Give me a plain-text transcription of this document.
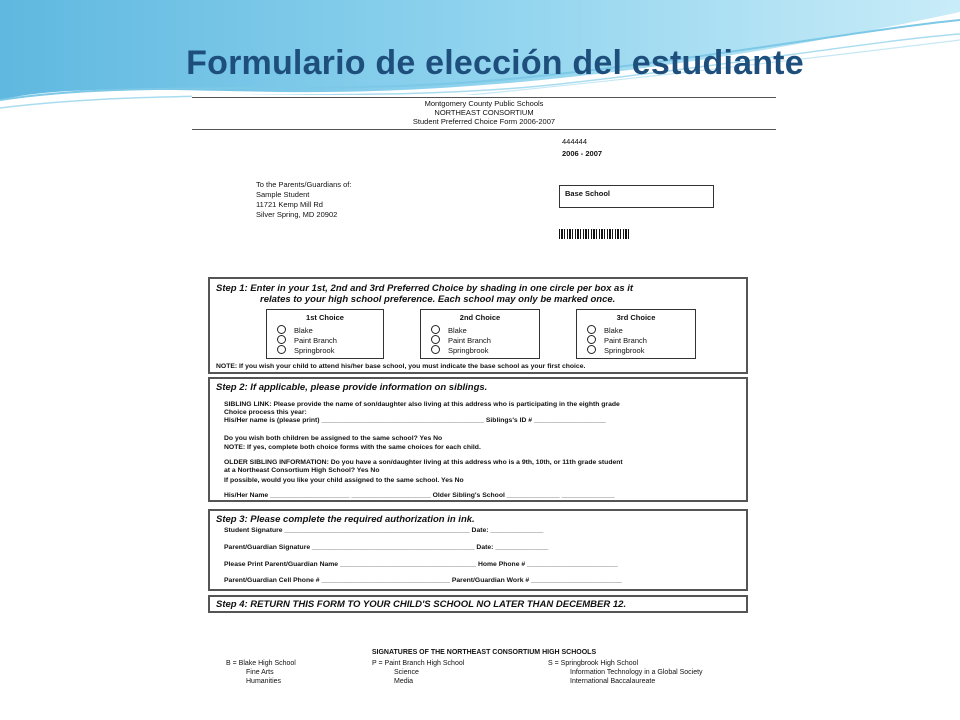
Formulario de elección del estudiante
Montgomery County Public Schools
NORTHEAST CONSORTIUM
Student Preferred Choice Form 2006-2007
444444
2006 - 2007
To the Parents/Guardians of:
Sample Student
11721 Kemp Mill Rd
Silver Spring, MD 20902
Base School
Step 1: Enter in your 1st, 2nd and 3rd Preferred Choice by shading in one circle per box as it
relates to your high school preference. Each school may only be marked once.
1st Choice
Blake
Paint Branch
Springbrook
2nd Choice
Blake
Paint Branch
Springbrook
3rd Choice
Blake
Paint Branch
Springbrook
NOTE: If you wish your child to attend his/her base school, you must indicate the base school as your first choice.
Step 2: If applicable, please provide information on siblings.
SIBLING LINK: Please provide the name of son/daughter also living at this address who is participating in the eighth grade
Choice process this year:
His/Her name is (please print) ___________________________________________ Siblings's ID # ___________________
Do you wish both children be assigned to the same school? Yes No
NOTE: If yes, complete both choice forms with the same choices for each child.
OLDER SIBLING INFORMATION: Do you have a son/daughter living at this address who is a 9th, 10th, or 11th grade student
at a Northeast Consortium High School? Yes No
If possible, would you like your child assigned to the same school. Yes No
His/Her Name _____________________ _____________________ Older Sibling's School ______________ ______________
Step 3: Please complete the required authorization in ink.
Student Signature _________________________________________________ Date: ______________
Parent/Guardian Signature ___________________________________________ Date: ______________
Please Print Parent/Guardian Name ____________________________________ Home Phone # ________________________
Parent/Guardian Cell Phone # __________________________________ Parent/Guardian Work # ________________________
Step 4: RETURN THIS FORM TO YOUR CHILD'S SCHOOL NO LATER THAN DECEMBER 12.
SIGNATURES OF THE NORTHEAST CONSORTIUM HIGH SCHOOLS
B = Blake High School
Fine Arts
Humanities
P = Paint Branch High School
Science
Media
S = Springbrook High School
Information Technology in a Global Society
International Baccalaureate
